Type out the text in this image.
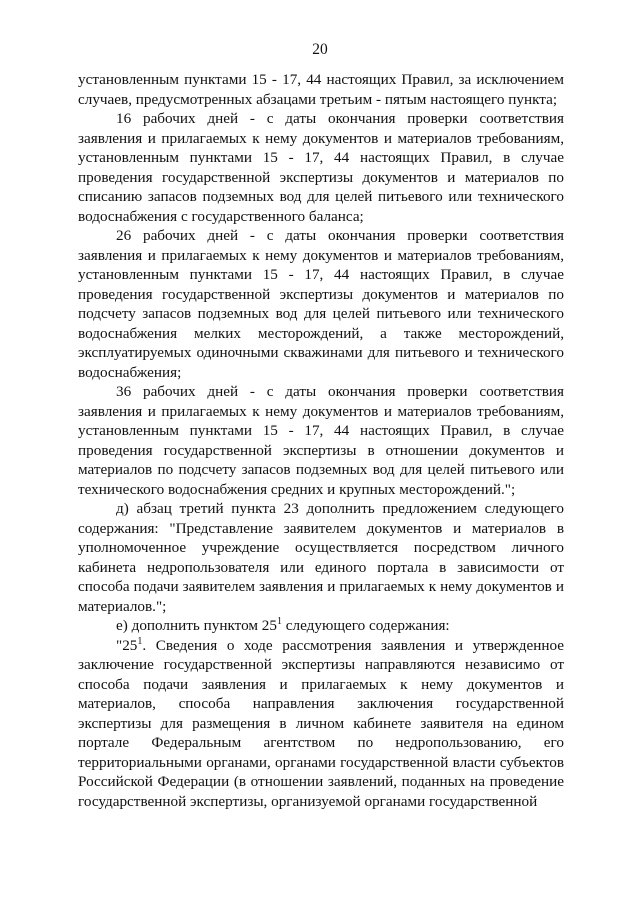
20

установленным пунктами 15 - 17, 44 настоящих Правил, за исключением случаев, предусмотренных абзацами третьим - пятым настоящего пункта;

16 рабочих дней - с даты окончания проверки соответствия заявления и прилагаемых к нему документов и материалов требованиям, установленным пунктами 15 - 17, 44 настоящих Правил, в случае проведения государственной экспертизы документов и материалов по списанию запасов подземных вод для целей питьевого или технического водоснабжения с государственного баланса;

26 рабочих дней - с даты окончания проверки соответствия заявления и прилагаемых к нему документов и материалов требованиям, установленным пунктами 15 - 17, 44 настоящих Правил, в случае проведения государственной экспертизы документов и материалов по подсчету запасов подземных вод для целей питьевого или технического водоснабжения мелких месторождений, а также месторождений, эксплуатируемых одиночными скважинами для питьевого и технического водоснабжения;

36 рабочих дней - с даты окончания проверки соответствия заявления и прилагаемых к нему документов и материалов требованиям, установленным пунктами 15 - 17, 44 настоящих Правил, в случае проведения государственной экспертизы в отношении документов и материалов по подсчету запасов подземных вод для целей питьевого или технического водоснабжения средних и крупных месторождений.";

д) абзац третий пункта 23 дополнить предложением следующего содержания: "Представление заявителем документов и материалов в уполномоченное учреждение осуществляется посредством личного кабинета недропользователя или единого портала в зависимости от способа подачи заявителем заявления и прилагаемых к нему документов и материалов.";

е) дополнить пунктом $25^1$ следующего содержания:

"$25^1$. Сведения о ходе рассмотрения заявления и утвержденное заключение государственной экспертизы направляются независимо от способа подачи заявления и прилагаемых к нему документов и материалов, способа направления заключения государственной экспертизы для размещения в личном кабинете заявителя на едином портале Федеральным агентством по недропользованию, его территориальными органами, органами государственной власти субъектов Российской Федерации (в отношении заявлений, поданных на проведение государственной экспертизы, организуемой органами государственной
